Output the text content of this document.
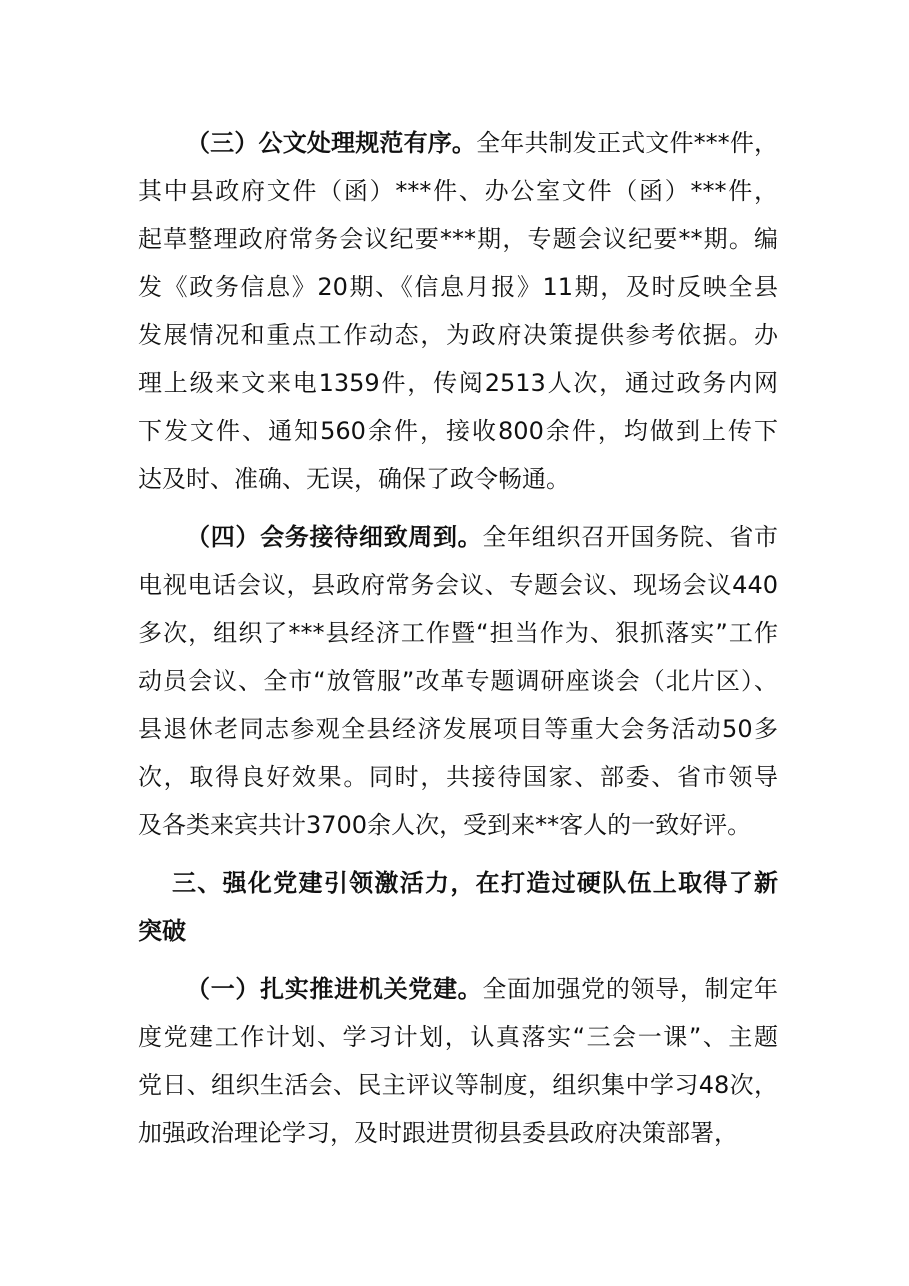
（三）公文处理规范有序。全年共制发正式文件***件，
其中县政府文件（函）***件、办公室文件（函）***件，
起草整理政府常务会议纪要***期，专题会议纪要**期。编
发《政务信息》20期、《信息月报》11期，及时反映全县
发展情况和重点工作动态，为政府决策提供参考依据。办
理上级来文来电1359件，传阅2513人次，通过政务内网
下发文件、通知560余件，接收800余件，均做到上传下
达及时、准确、无误，确保了政令畅通。
（四）会务接待细致周到。全年组织召开国务院、省市
电视电话会议，县政府常务会议、专题会议、现场会议440
多次，组织了***县经济工作暨“担当作为、狠抓落实”工作
动员会议、全市“放管服”改革专题调研座谈会（北片区）、
县退休老同志参观全县经济发展项目等重大会务活动50多
次，取得良好效果。同时，共接待国家、部委、省市领导
及各类来宾共计3700余人次，受到来**客人的一致好评。
三、强化党建引领激活力，在打造过硬队伍上取得了新
突破
（一）扎实推进机关党建。全面加强党的领导，制定年
度党建工作计划、学习计划，认真落实“三会一课”、主题
党日、组织生活会、民主评议等制度，组织集中学习48次，
加强政治理论学习，及时跟进贯彻县委县政府决策部署，
